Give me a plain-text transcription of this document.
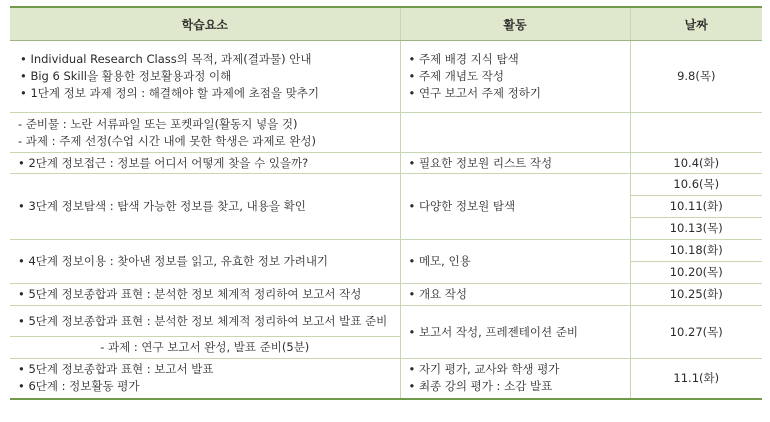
학습요소	활동	날짜

• Individual Research Class의 목적, 과제(결과물) 안내
• Big 6 Skill을 활용한 정보활용과정 이해
• 1단계 정보 과제 정의 : 해결해야 할 과제에 초점을 맞추기	• 주제 배경 지식 탐색
• 주제 개념도 작성
• 연구 보고서 주제 정하기	9.8(목)

- 준비물 : 노란 서류파일 또는 포켓파일(활동지 넣을 것)
- 과제 : 주제 선정(수업 시간 내에 못한 학생은 과제로 완성)		

• 2단계 정보접근 : 정보를 어디서 어떻게 찾을 수 있을까?	• 필요한 정보원 리스트 작성	10.4(화)

• 3단계 정보탐색 : 탐색 가능한 정보를 찾고, 내용을 확인	• 다양한 정보원 탐색	10.6(목)
		10.11(화)
		10.13(목)

• 4단계 정보이용 : 찾아낸 정보를 읽고, 유효한 정보 가려내기	• 메모, 인용	10.18(화)
		10.20(목)

• 5단계 정보종합과 표현 : 분석한 정보 체계적 정리하여 보고서 작성	• 개요 작성	10.25(화)

• 5단계 정보종합과 표현 : 분석한 정보 체계적 정리하여 보고서 발표 준비	• 보고서 작성, 프레젠테이션 준비	10.27(목)

- 과제 : 연구 보고서 완성, 발표 준비(5분)		

• 5단계 정보종합과 표현 : 보고서 발표
• 6단계 : 정보활동 평가	• 자기 평가, 교사와 학생 평가
• 최종 강의 평가 : 소감 발표	11.1(화)
